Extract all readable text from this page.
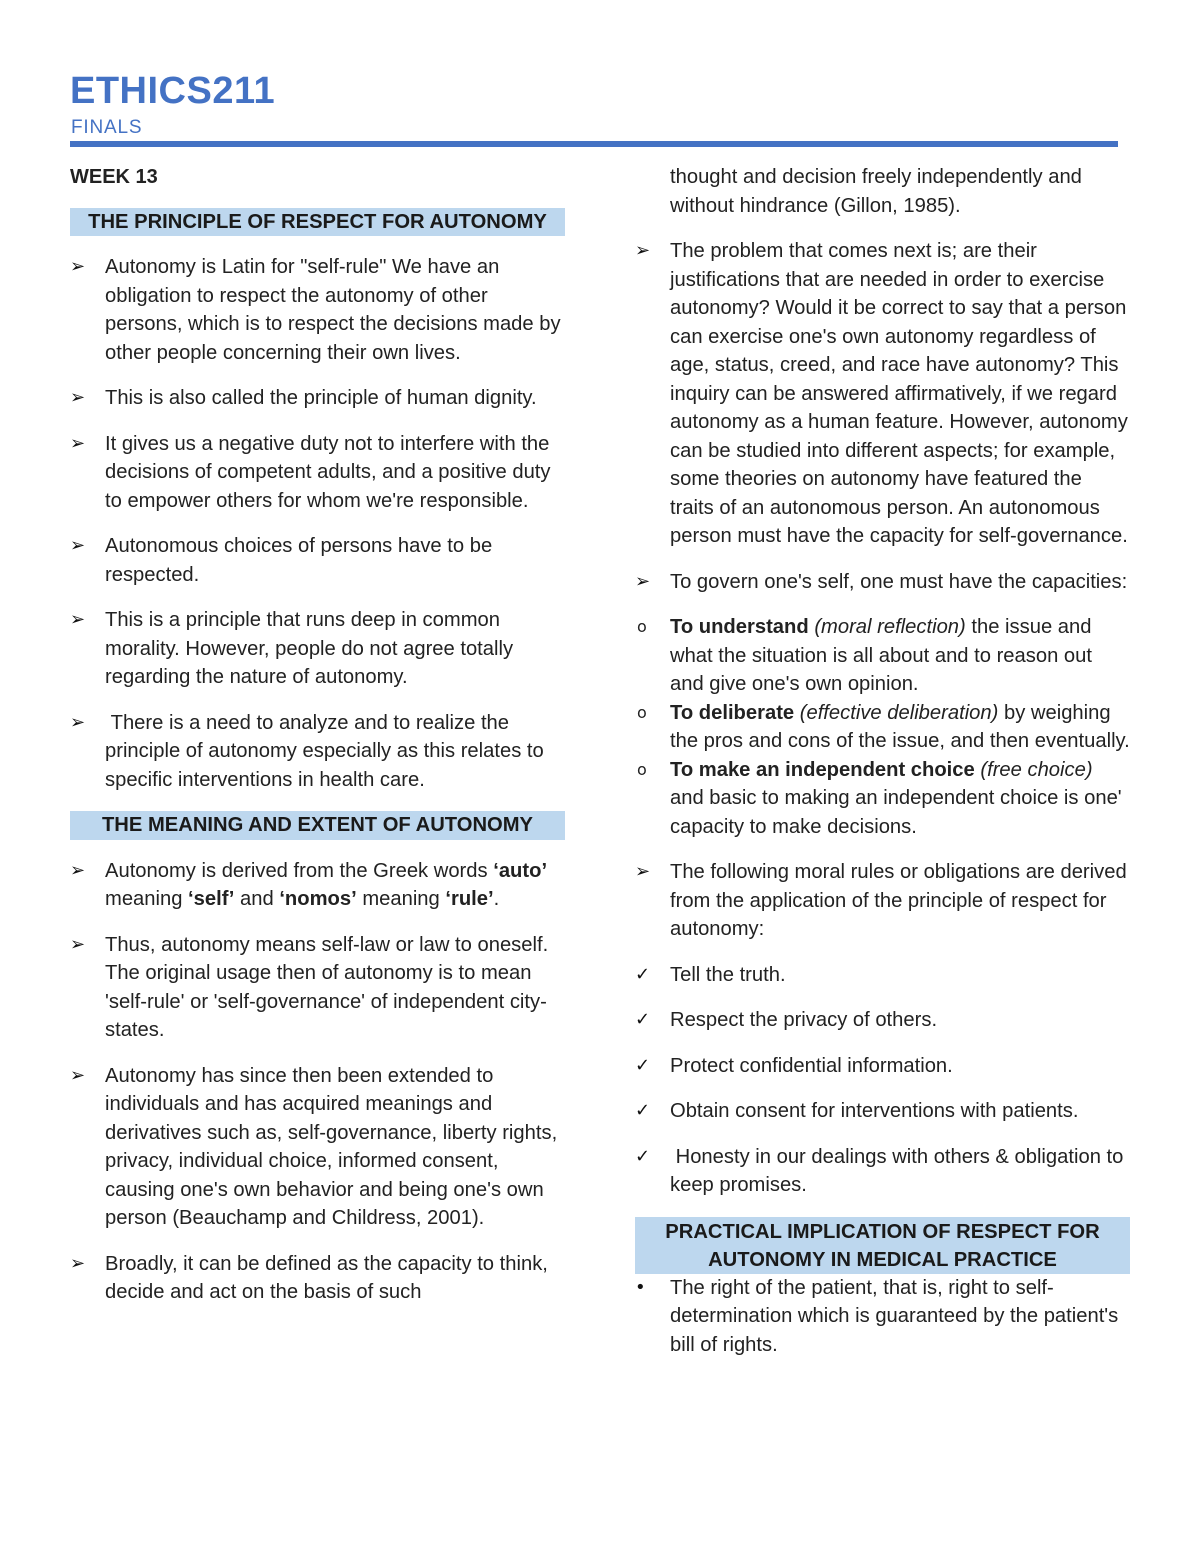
ETHICS211
FINALS
WEEK 13
THE PRINCIPLE OF RESPECT FOR AUTONOMY
➢ Autonomy is Latin for "self-rule" We have an obligation to respect the autonomy of other persons, which is to respect the decisions made by other people concerning their own lives.
➢ This is also called the principle of human dignity.
➢ It gives us a negative duty not to interfere with the decisions of competent adults, and a positive duty to empower others for whom we're responsible.
➢ Autonomous choices of persons have to be respected.
➢ This is a principle that runs deep in common morality. However, people do not agree totally regarding the nature of autonomy.
➢ There is a need to analyze and to realize the principle of autonomy especially as this relates to specific interventions in health care.
THE MEANING AND EXTENT OF AUTONOMY
➢ Autonomy is derived from the Greek words ‘auto’ meaning ‘self’ and ‘nomos’ meaning ‘rule’.
➢ Thus, autonomy means self-law or law to oneself. The original usage then of autonomy is to mean 'self-rule' or 'self-governance' of independent city-states.
➢ Autonomy has since then been extended to individuals and has acquired meanings and derivatives such as, self-governance, liberty rights, privacy, individual choice, informed consent, causing one's own behavior and being one's own person (Beauchamp and Childress, 2001).
➢ Broadly, it can be defined as the capacity to think, decide and act on the basis of such
thought and decision freely independently and without hindrance (Gillon, 1985).
➢ The problem that comes next is; are their justifications that are needed in order to exercise autonomy? Would it be correct to say that a person can exercise one's own autonomy regardless of age, status, creed, and race have autonomy? This inquiry can be answered affirmatively, if we regard autonomy as a human feature. However, autonomy can be studied into different aspects; for example, some theories on autonomy have featured the traits of an autonomous person. An autonomous person must have the capacity for self-governance.
➢ To govern one's self, one must have the capacities:
o To understand (moral reflection) the issue and what the situation is all about and to reason out and give one's own opinion.
o To deliberate (effective deliberation) by weighing the pros and cons of the issue, and then eventually.
o To make an independent choice (free choice) and basic to making an independent choice is one' capacity to make decisions.
➢ The following moral rules or obligations are derived from the application of the principle of respect for autonomy:
✓ Tell the truth.
✓ Respect the privacy of others.
✓ Protect confidential information.
✓ Obtain consent for interventions with patients.
✓ Honesty in our dealings with others & obligation to keep promises.
PRACTICAL IMPLICATION OF RESPECT FOR
AUTONOMY IN MEDICAL PRACTICE
•	The right of the patient, that is, right to self-determination which is guaranteed by the patient's bill of rights.
